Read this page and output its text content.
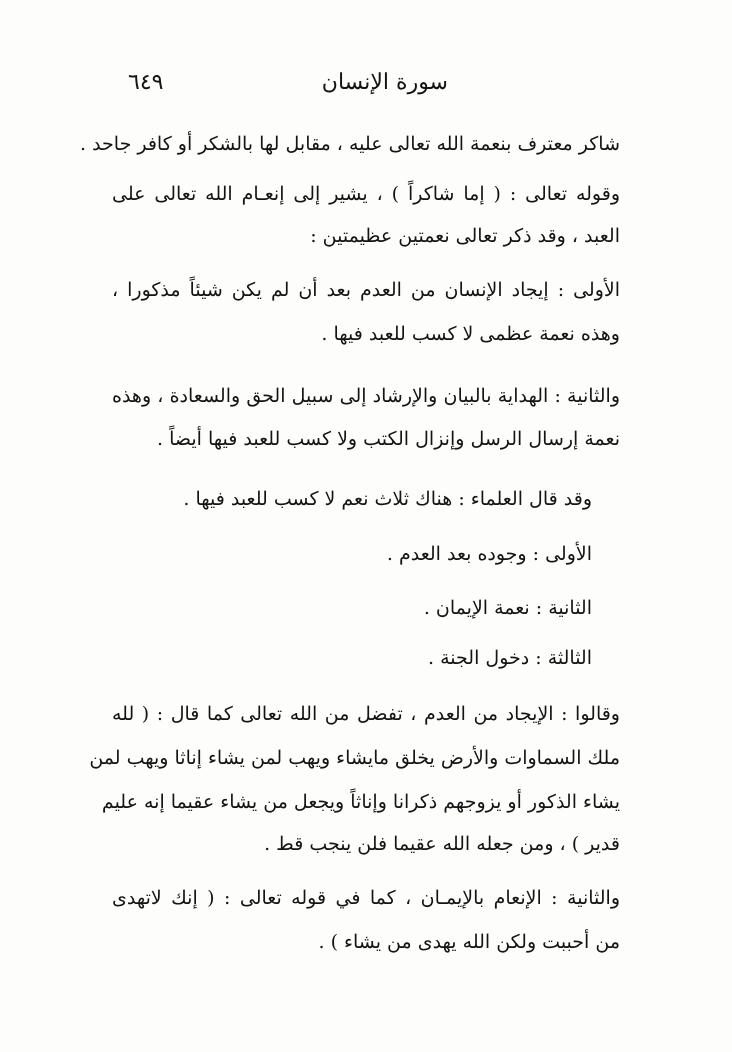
سورة الإنسان
٦٤٩
شاكر معترف بنعمة الله تعالى عليه ، مقابل لها بالشكر أو كافر جاحد .
وقوله تعالى : ( إما شاكراً ) ، يشير إلى إنعـام الله تعالى على
العبد ، وقد ذكر تعالى نعمتين عظيمتين :
الأولى : إيجاد الإنسان من العدم بعد أن لم يكن شيئاً مذكورا ،
وهذه نعمة عظمى لا كسب للعبد فيها .
والثانية : الهداية بالبيان والإرشاد إلى سبيل الحق والسعادة ، وهذه
نعمة إرسال الرسل وإنزال الكتب ولا كسب للعبد فيها أيضاً .
وقد قال العلماء : هناك ثلاث نعم لا كسب للعبد فيها .
الأولى : وجوده بعد العدم .
الثانية : نعمة الإيمان .
الثالثة : دخول الجنة .
وقالوا : الإيجاد من العدم ، تفضل من الله تعالى كما قال : ( لله
ملك السماوات والأرض يخلق مايشاء ويهب لمن يشاء إناثا ويهب لمن
يشاء الذكور أو يزوجهم ذكرانا وإناثاً ويجعل من يشاء عقيما إنه عليم
قدير ) ، ومن جعله الله عقيما فلن ينجب قط .
والثانية : الإنعام بالإيمـان ، كما في قوله تعالى : ( إنك لاتهدى
من أحببت ولكن الله يهدى من يشاء ) .
